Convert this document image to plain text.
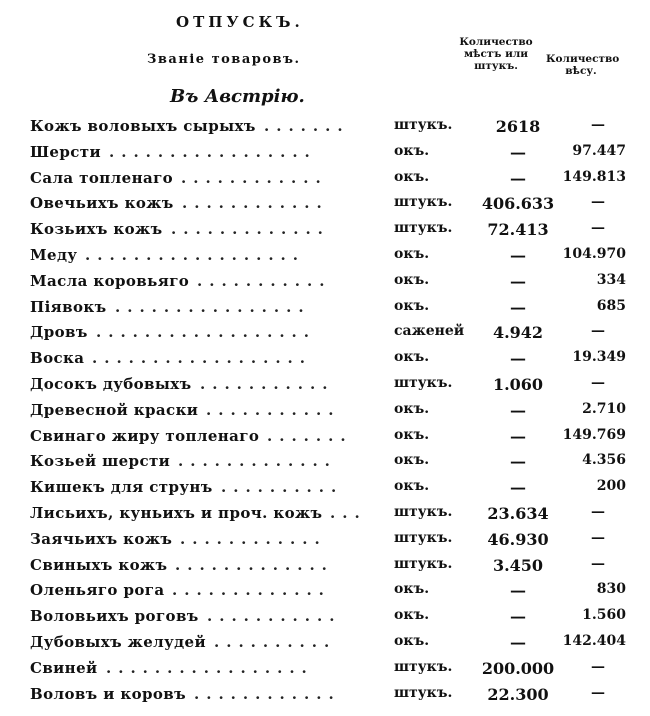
ОТПУСКЪ.
Званіе товаровъ.
Количество мѣстъ или штукъ.
Количество вѣсу.
Въ Австрію.
Кожъ воловыхъ сырыхъ	штукъ.	2618	—
.......
Шерсти	окъ.	—	97.447
.................
Сала топленаго	окъ.	—	149.813
............
Овечьихъ кожъ	штукъ.	406.633	—
............
Козьихъ кожъ	штукъ.	72.413	—
.............
Меду	окъ.	—	104.970
..................
Масла коровьяго	окъ.	—	334
...........
Піявокъ	окъ.	—	685
................
Дровъ	саженей	4.942	—
..................
Воска	окъ.	—	19.349
..................
Досокъ дубовыхъ	штукъ.	1.060	—
...........
Древесной краски	окъ.	—	2.710
...........
Свинаго жиру топленаго	окъ.	—	149.769
.......
Козьей шерсти	окъ.	—	4.356
.............
Кишекъ для струнъ	окъ.	—	200
..........
Лисьихъ, куньихъ и проч. кожъ	штукъ.	23.634	—
...
Заячьихъ кожъ	штукъ.	46.930	—
............
Свиныхъ кожъ	штукъ.	3.450	—
.............
Оленьяго рога	окъ.	—	830
.............
Воловьихъ роговъ	окъ.	—	1.560
...........
Дубовыхъ желудей	окъ.	—	142.404
..........
Свиней	штукъ.	200.000	—
.................
Воловъ и коровъ	штукъ.	22.300	—
............
